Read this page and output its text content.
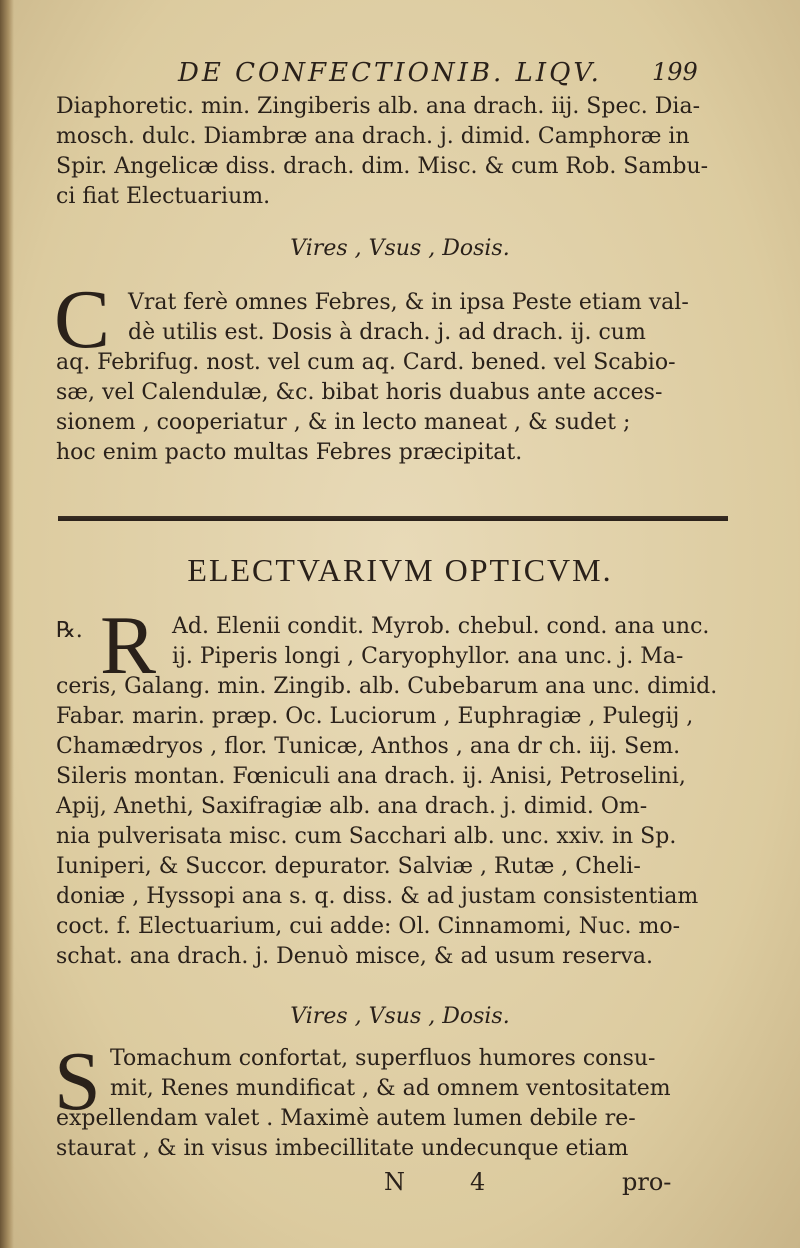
DE CONFECTIONIB. LIQV. 199
Diaphoretic. min. Zingiberis alb. ana drach. iij. Spec. Dia-
mosch. dulc. Diambræ ana drach. j. dimid. Camphoræ in
Spir. Angelicæ diss. drach. dim. Misc. & cum Rob. Sambu-
ci fiat Electuarium.
Vires , Vsus , Dosis.
C Vrat ferè omnes Febres, & in ipsa Peste etiam val-
dè utilis est. Dosis à drach. j. ad drach. ij. cum
aq. Febrifug. nost. vel cum aq. Card. bened. vel Scabio-
sæ, vel Calendulæ, &c. bibat horis duabus ante acces-
sionem , cooperiatur , & in lecto maneat , & sudet ;
hoc enim pacto multas Febres præcipitat.
ELECTVARIVM OPTICVM.
℞. R Ad. Elenii condit. Myrob. chebul. cond. ana unc.
ij. Piperis longi , Caryophyllor. ana unc. j. Ma-
ceris, Galang. min. Zingib. alb. Cubebarum ana unc. dimid.
Fabar. marin. præp. Oc. Luciorum , Euphragiæ , Pulegij ,
Chamædryos , flor. Tunicæ, Anthos , ana dr ch. iij. Sem.
Sileris montan. Fœniculi ana drach. ij. Anisi, Petroselini,
Apij, Anethi, Saxifragiæ alb. ana drach. j. dimid. Om-
nia pulverisata misc. cum Sacchari alb. unc. xxiv. in Sp.
Iuniperi, & Succor. depurator. Salviæ , Rutæ , Cheli-
doniæ , Hyssopi ana s. q. diss. & ad justam consistentiam
coct. f. Electuarium, cui adde: Ol. Cinnamomi, Nuc. mo-
schat. ana drach. j. Denuò misce, & ad usum reserva.
Vires , Vsus , Dosis.
S Tomachum confortat, superfluos humores consu-
mit, Renes mundificat , & ad omnem ventositatem
expellendam valet . Maximè autem lumen debile re-
staurat , & in visus imbecillitate undecunque etiam
N	4	pro-
